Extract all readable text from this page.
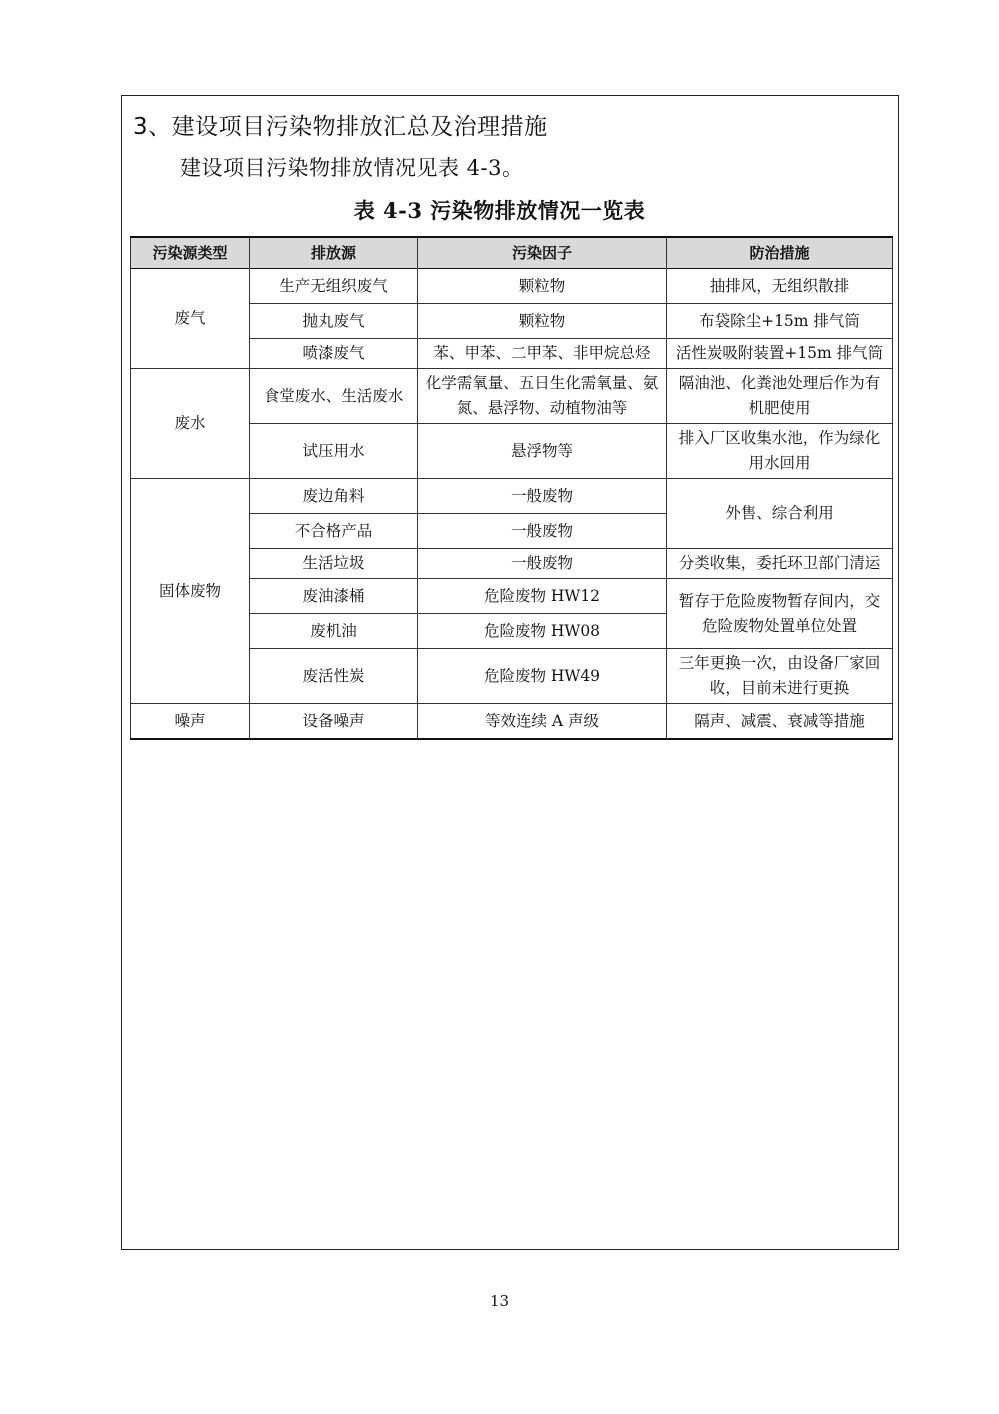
3、建设项目污染物排放汇总及治理措施
建设项目污染物排放情况见表 4-3。
表 4-3 污染物排放情况一览表
污染源类型	排放源	污染因子	防治措施
废气	生产无组织废气	颗粒物	抽排风，无组织散排
	抛丸废气	颗粒物	布袋除尘+15m 排气筒
	喷漆废气	苯、甲苯、二甲苯、非甲烷总烃	活性炭吸附装置+15m 排气筒
废水	食堂废水、生活废水	化学需氧量、五日生化需氧量、氨氮、悬浮物、动植物油等	隔油池、化粪池处理后作为有机肥使用
	试压用水	悬浮物等	排入厂区收集水池，作为绿化用水回用
固体废物	废边角料	一般废物	外售、综合利用
	不合格产品	一般废物	
	生活垃圾	一般废物	分类收集，委托环卫部门清运
	废油漆桶	危险废物 HW12	暂存于危险废物暂存间内，交危险废物处置单位处置
	废机油	危险废物 HW08	
	废活性炭	危险废物 HW49	三年更换一次，由设备厂家回收，目前未进行更换
噪声	设备噪声	等效连续 A 声级	隔声、减震、衰减等措施
13
